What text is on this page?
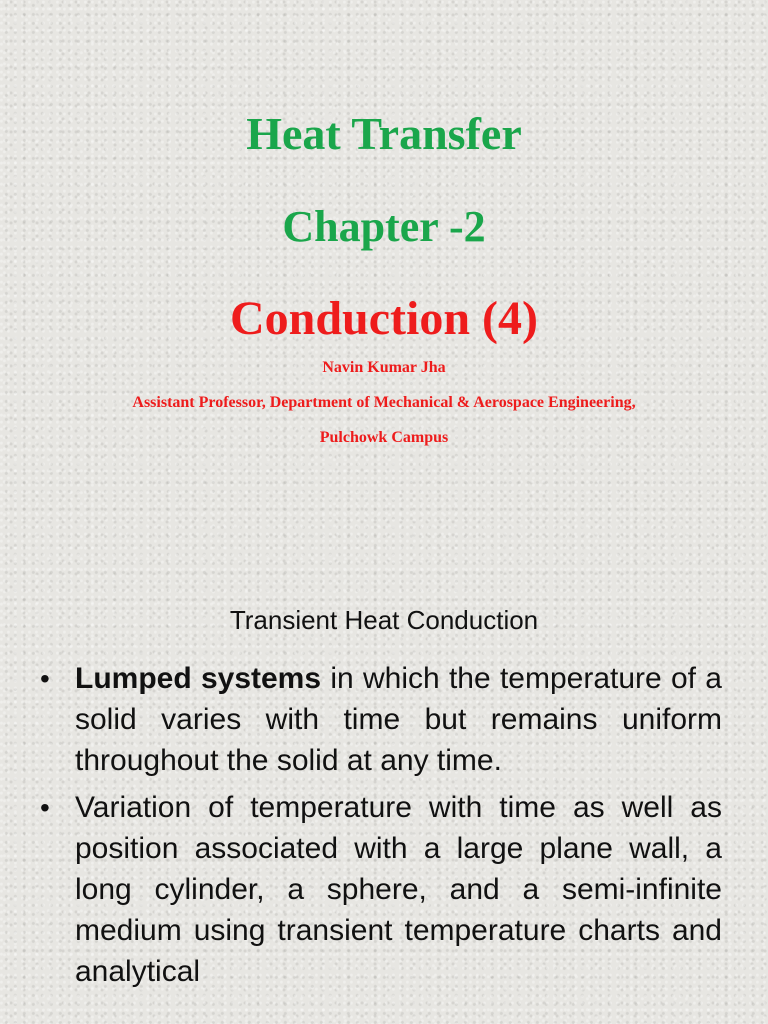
Heat Transfer
Chapter -2
Conduction (4)
Navin Kumar Jha
Assistant Professor, Department of Mechanical & Aerospace Engineering,
Pulchowk Campus
Transient Heat Conduction
• Lumped systems in which the temperature of a solid varies with time but remains uniform throughout the solid at any time.
• Variation of temperature with time as well as position associated with a large plane wall, a long cylinder, a sphere, and a semi-infinite medium using transient temperature charts and analytical
